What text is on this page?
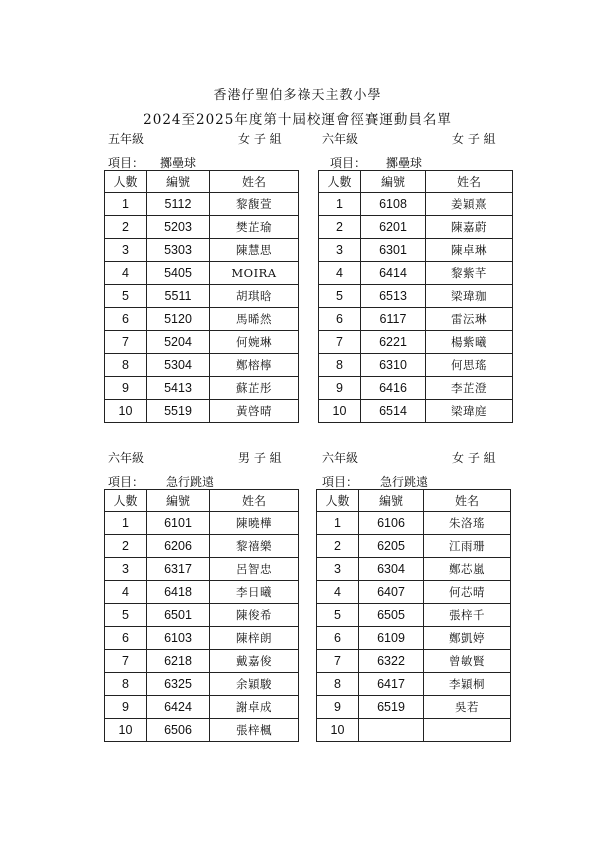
香港仔聖伯多祿天主教小學
2024至2025年度第十屆校運會徑賽運動員名單
五年級	女 子 組
項目： 擲壘球
人數	編號	姓名
1	5112	黎馥萱
2	5203	樊芷瑜
3	5303	陳慧思
4	5405	MOIRA
5	5511	胡琪晗
6	5120	馬晞然
7	5204	何婉琳
8	5304	鄭榕檸
9	5413	蘇芷彤
10	5519	黃啓晴
六年級	女 子 組
項目： 擲壘球
人數	編號	姓名
1	6108	姜穎熹
2	6201	陳嘉蔚
3	6301	陳卓琳
4	6414	黎紫芊
5	6513	梁瑋珈
6	6117	雷沄琳
7	6221	楊紫曦
8	6310	何思瑤
9	6416	李芷澄
10	6514	梁瑋庭
六年級	男 子 組
項目： 急行跳遠
人數	編號	姓名
1	6101	陳曉樺
2	6206	黎禧樂
3	6317	呂智忠
4	6418	李日曦
5	6501	陳俊希
6	6103	陳梓朗
7	6218	戴嘉俊
8	6325	余穎駿
9	6424	謝卓成
10	6506	張梓楓
六年級	女 子 組
項目： 急行跳遠
人數	編號	姓名
1	6106	朱洛瑤
2	6205	江雨珊
3	6304	鄭芯嵐
4	6407	何芯晴
5	6505	張梓千
6	6109	鄭凱婷
7	6322	曾敏賢
8	6417	李穎桐
9	6519	吳若
10		
